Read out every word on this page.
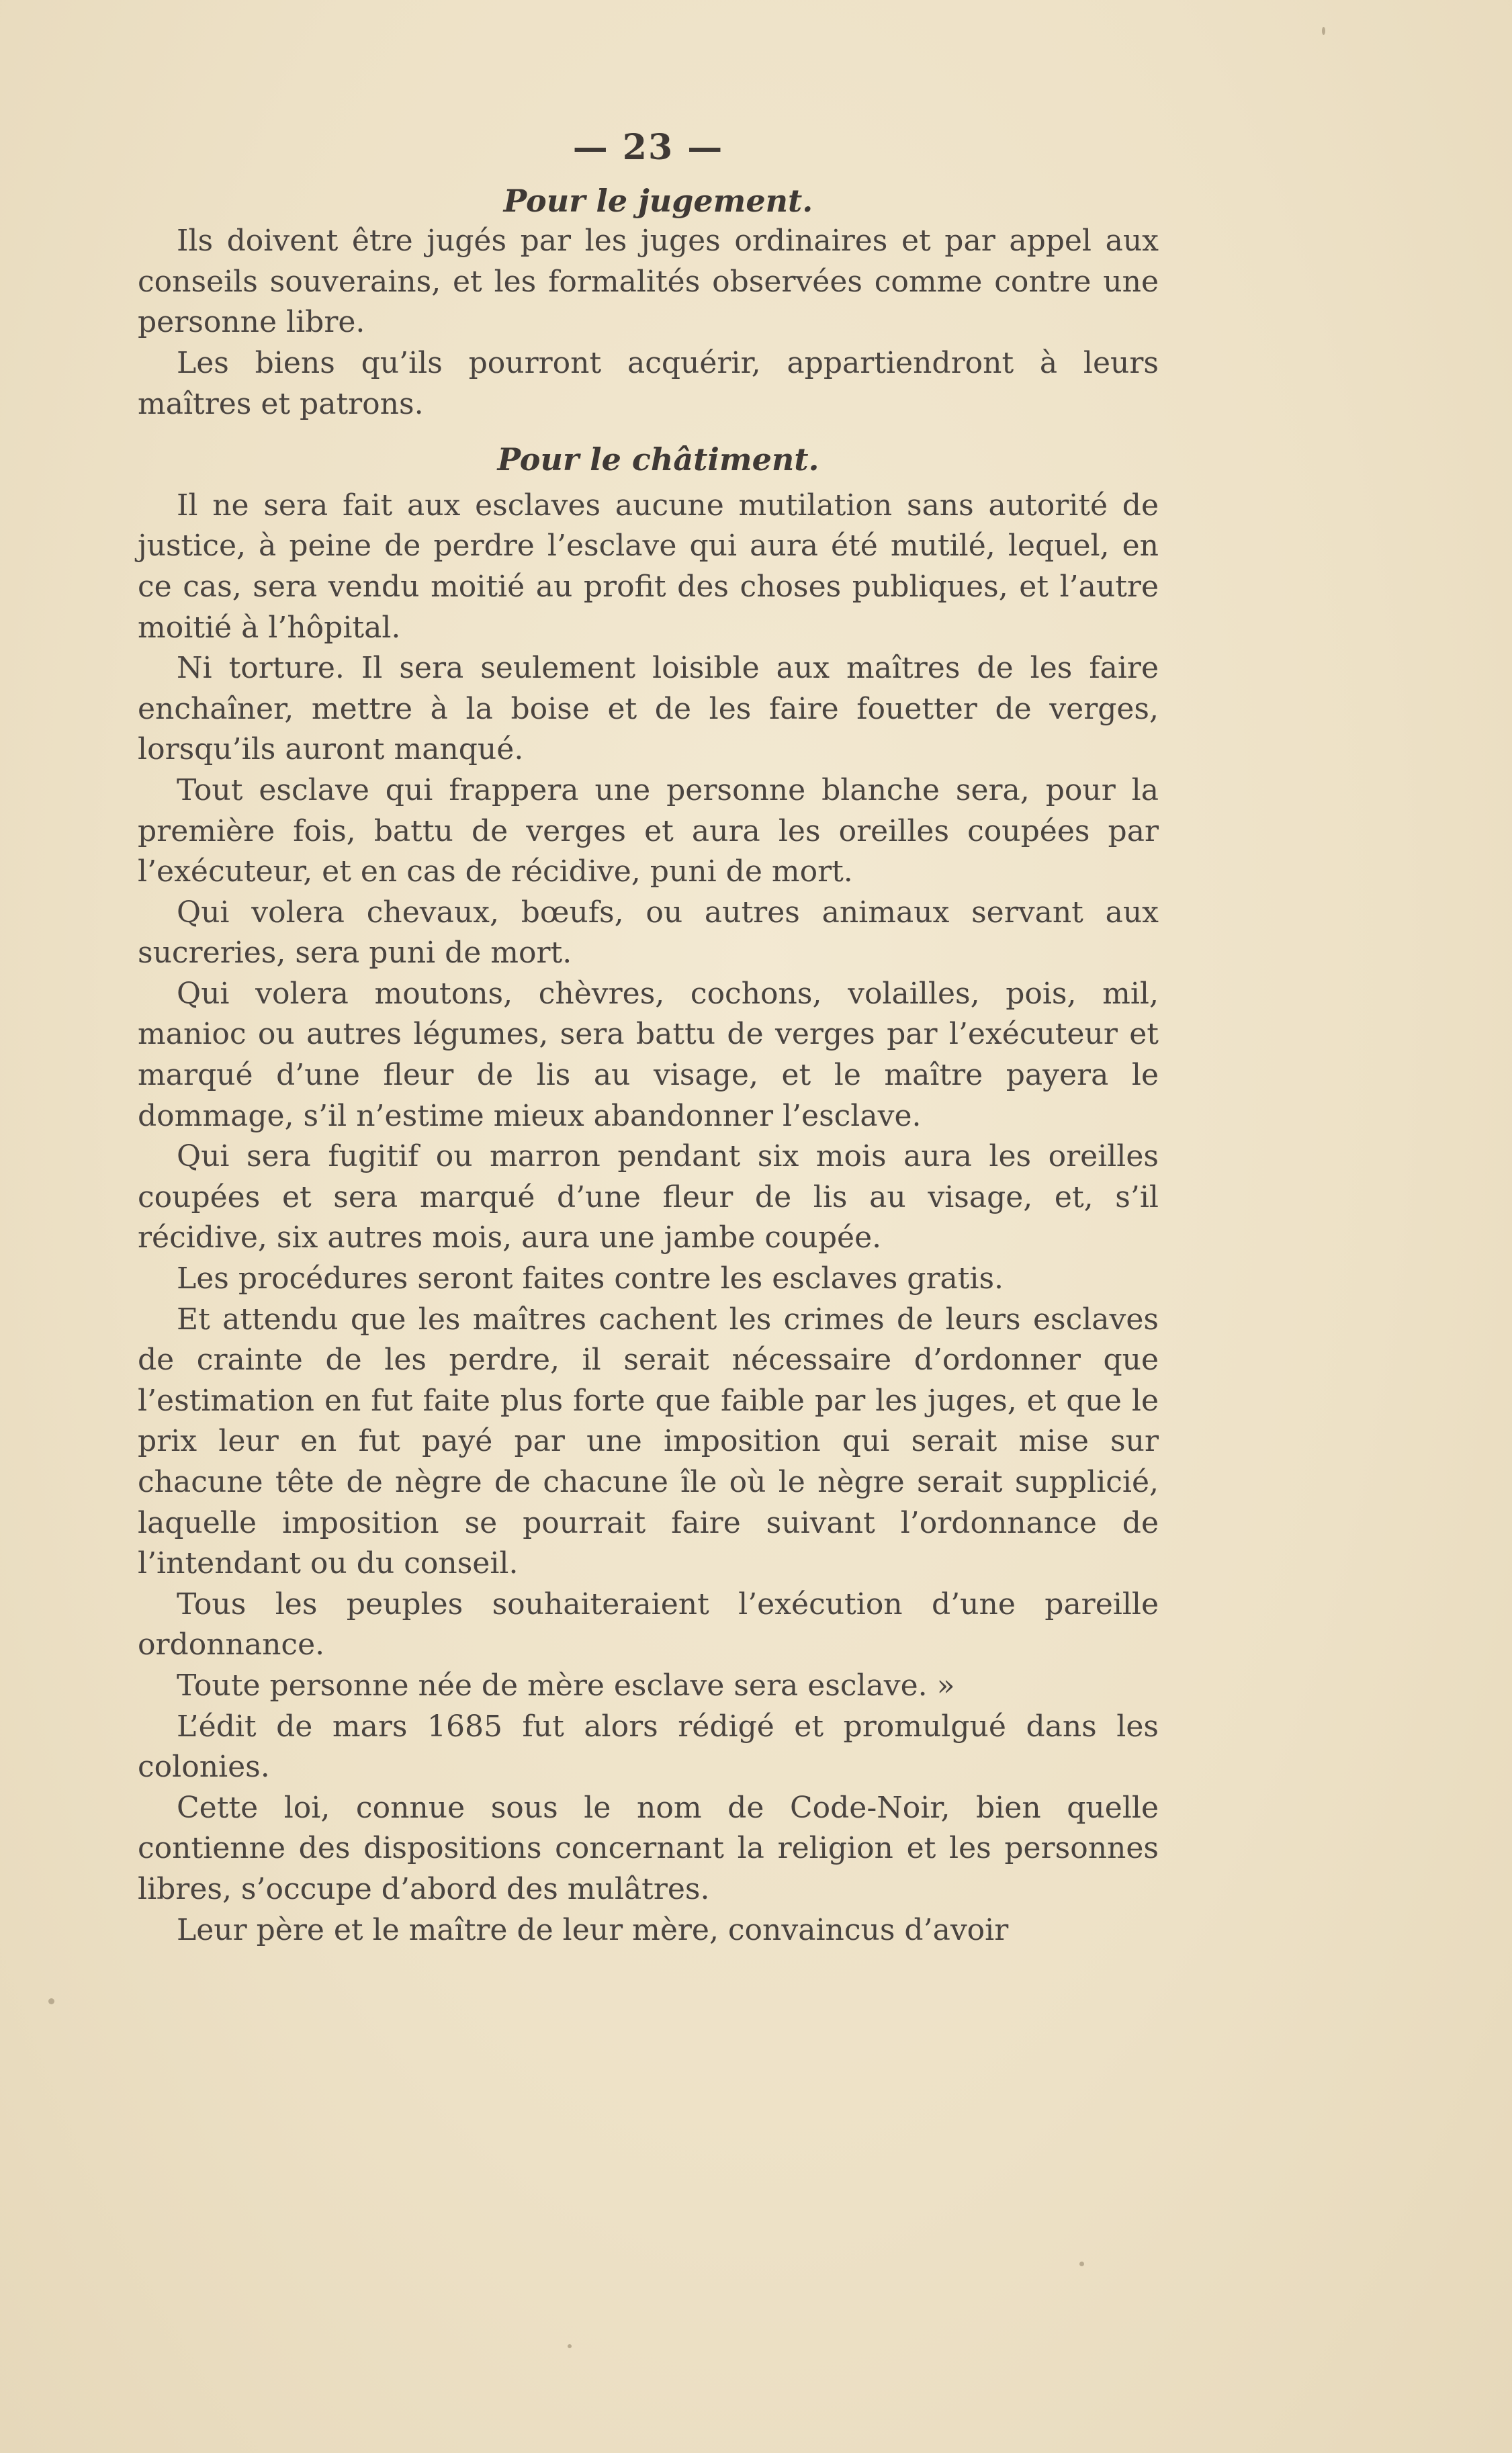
— 23 —
Pour le jugement.

Ils doivent être jugés par les juges ordinaires et par appel aux conseils souverains, et les formalités observées comme contre une personne libre.

Les biens qu’ils pourront acquérir, appartiendront à leurs maîtres et patrons.

Pour le châtiment.

Il ne sera fait aux esclaves aucune mutilation sans autorité de justice, à peine de perdre l’esclave qui aura été mutilé, lequel, en ce cas, sera vendu moitié au profit des choses publiques, et l’autre moitié à l’hôpital.

Ni torture. Il sera seulement loisible aux maîtres de les faire enchaîner, mettre à la boise et de les faire fouetter de verges, lorsqu’ils auront manqué.

Tout esclave qui frappera une personne blanche sera, pour la première fois, battu de verges et aura les oreilles coupées par l’exécuteur, et en cas de récidive, puni de mort.

Qui volera chevaux, bœufs, ou autres animaux servant aux sucreries, sera puni de mort.

Qui volera moutons, chèvres, cochons, volailles, pois, mil, manioc ou autres légumes, sera battu de verges par l’exécuteur et marqué d’une fleur de lis au visage, et le maître payera le dommage, s’il n’estime mieux abandonner l’esclave.

Qui sera fugitif ou marron pendant six mois aura les oreilles coupées et sera marqué d’une fleur de lis au visage, et, s’il récidive, six autres mois, aura une jambe coupée.

Les procédures seront faites contre les esclaves gratis.

Et attendu que les maîtres cachent les crimes de leurs esclaves de crainte de les perdre, il serait nécessaire d’ordonner que l’estimation en fut faite plus forte que faible par les juges, et que le prix leur en fut payé par une imposition qui serait mise sur chacune tête de nègre de chacune île où le nègre serait supplicié, laquelle imposition se pourrait faire suivant l’ordonnance de l’intendant ou du conseil.

Tous les peuples souhaiteraient l’exécution d’une pareille ordonnance.

Toute personne née de mère esclave sera esclave. »

L’édit de mars 1685 fut alors rédigé et promulgué dans les colonies.

Cette loi, connue sous le nom de Code-Noir, bien quelle contienne des dispositions concernant la religion et les personnes libres, s’occupe d’abord des mulâtres.

Leur père et le maître de leur mère, convaincus d’avoir
